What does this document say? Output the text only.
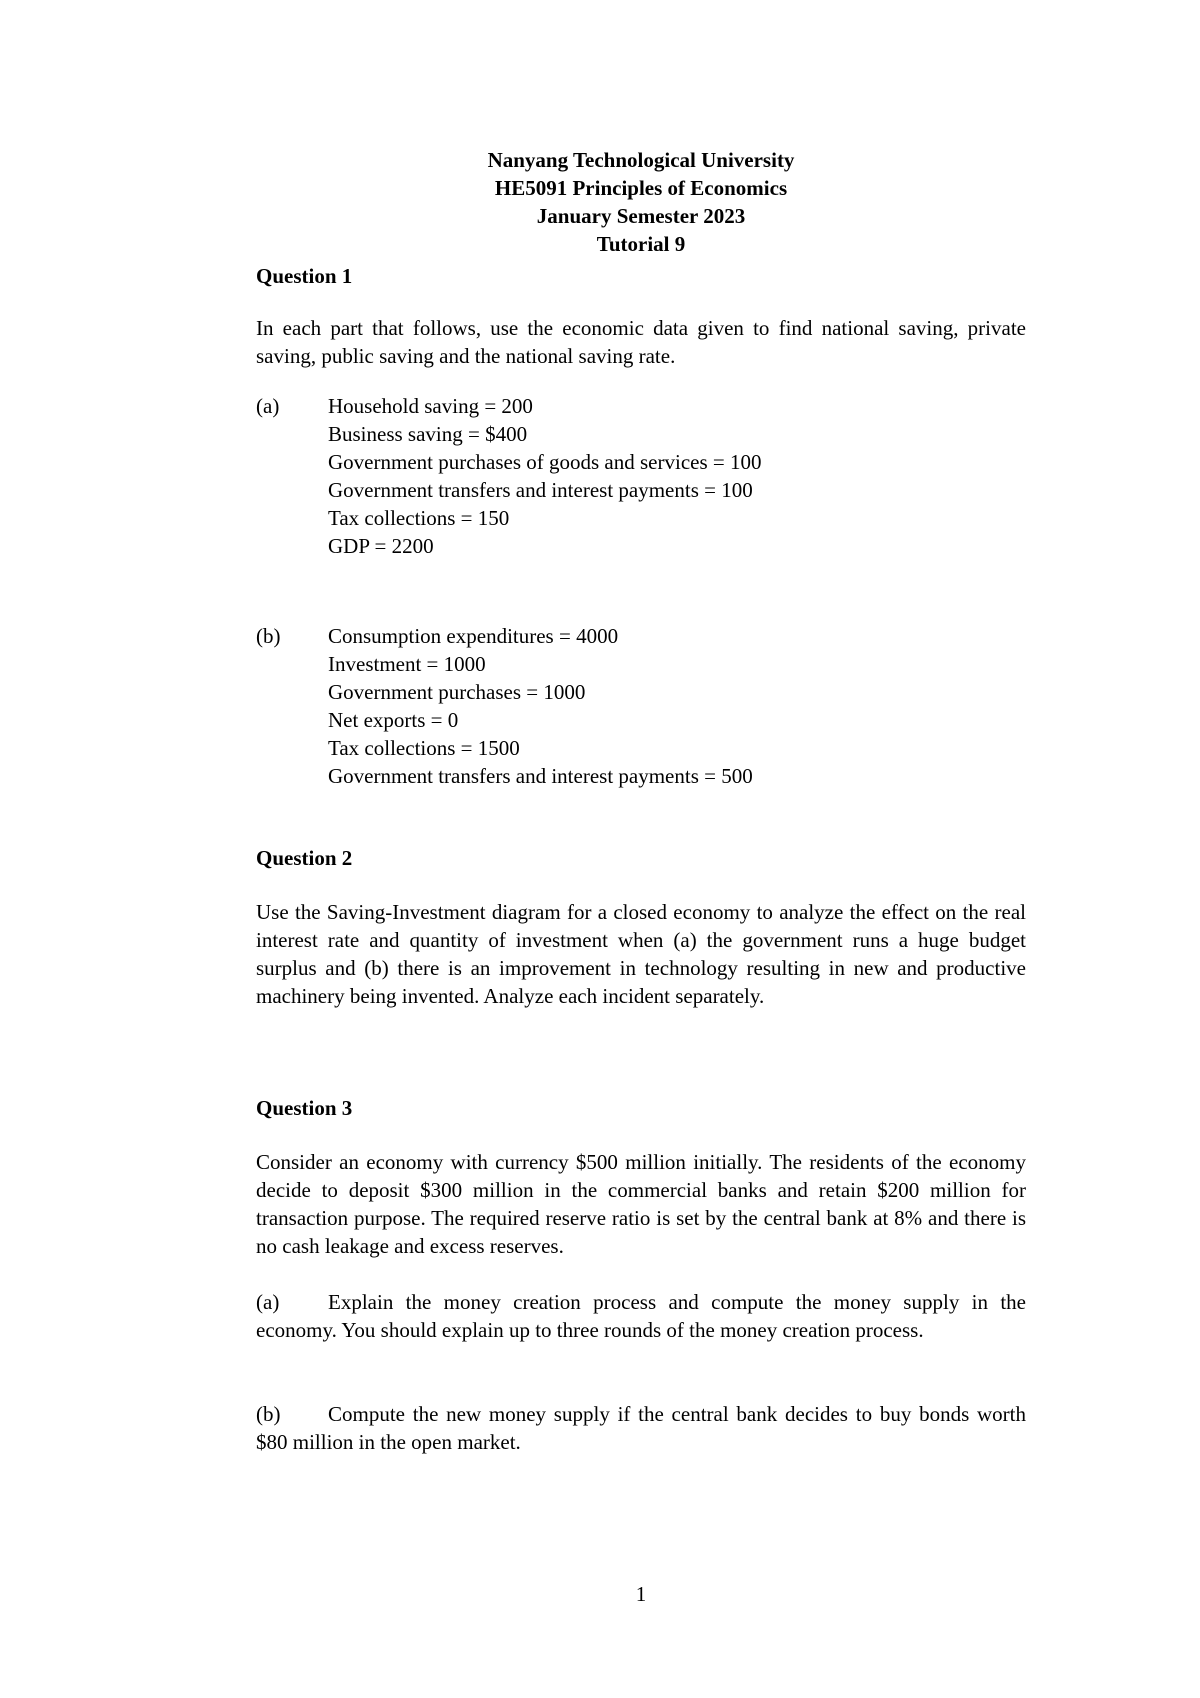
Nanyang Technological University
HE5091 Principles of Economics
January Semester 2023
Tutorial 9
Question 1
In each part that follows, use the economic data given to find national saving, private saving, public saving and the national saving rate.
(a) Household saving = 200
Business saving = $400
Government purchases of goods and services = 100
Government transfers and interest payments = 100
Tax collections = 150
GDP = 2200
(b) Consumption expenditures = 4000
Investment = 1000
Government purchases = 1000
Net exports = 0
Tax collections = 1500
Government transfers and interest payments = 500
Question 2
Use the Saving-Investment diagram for a closed economy to analyze the effect on the real interest rate and quantity of investment when (a) the government runs a huge budget surplus and (b) there is an improvement in technology resulting in new and productive machinery being invented. Analyze each incident separately.
Question 3
Consider an economy with currency $500 million initially. The residents of the economy decide to deposit $300 million in the commercial banks and retain $200 million for transaction purpose. The required reserve ratio is set by the central bank at 8% and there is no cash leakage and excess reserves.
(a) Explain the money creation process and compute the money supply in the economy. You should explain up to three rounds of the money creation process.
(b) Compute the new money supply if the central bank decides to buy bonds worth $80 million in the open market.
1
